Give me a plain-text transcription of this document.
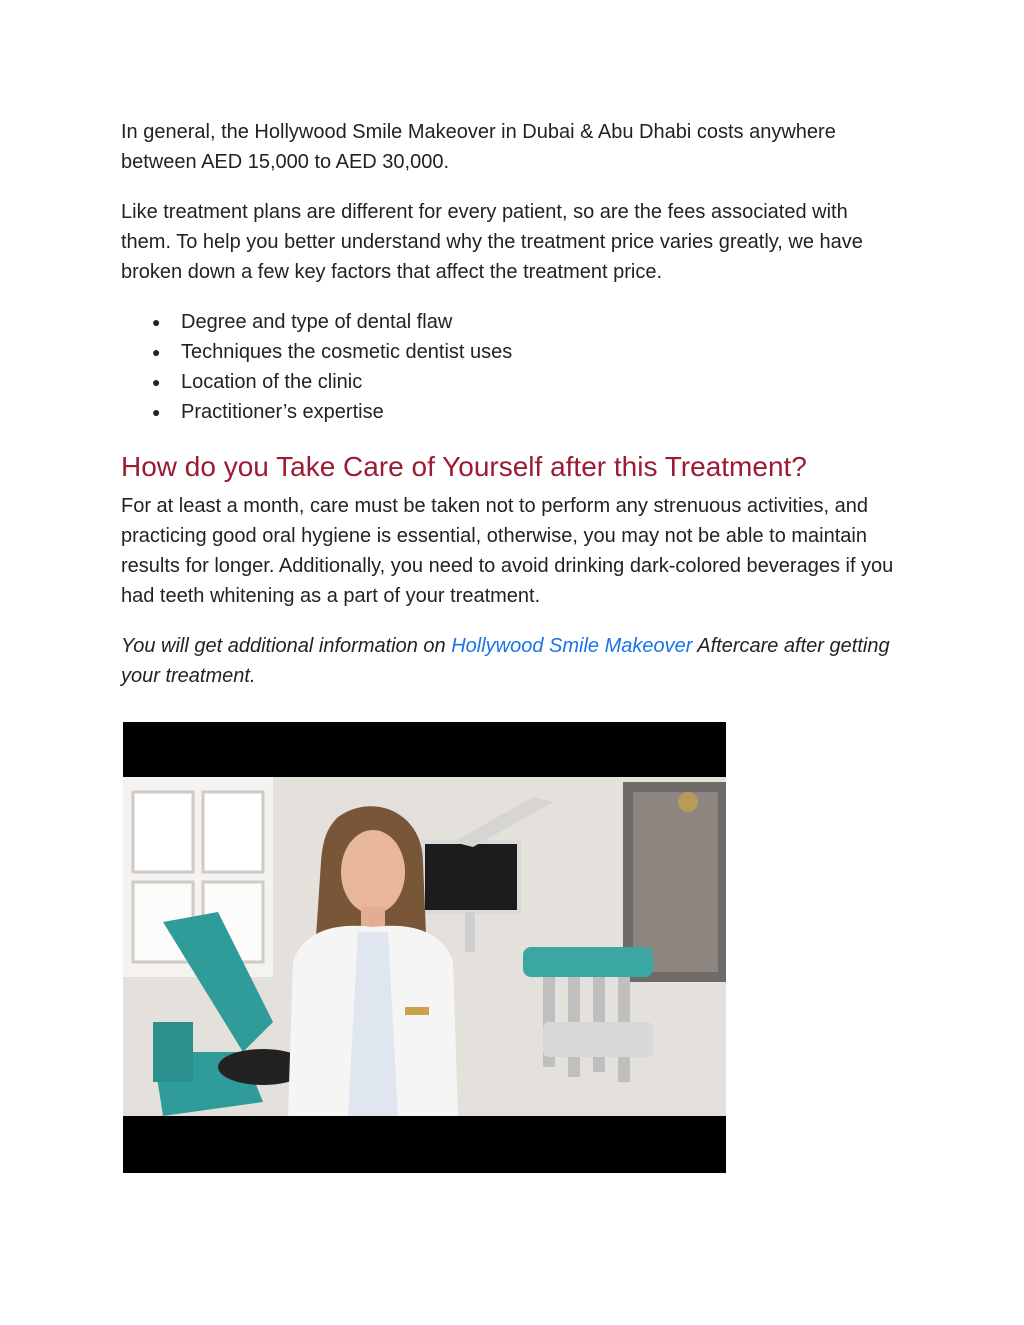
In general, the Hollywood Smile Makeover in Dubai & Abu Dhabi costs anywhere between AED 15,000 to AED 30,000.

Like treatment plans are different for every patient, so are the fees associated with them. To help you better understand why the treatment price varies greatly, we have broken down a few key factors that affect the treatment price.

● Degree and type of dental flaw
● Techniques the cosmetic dentist uses
● Location of the clinic
● Practitioner’s expertise
How do you Take Care of Yourself after this Treatment?

For at least a month, care must be taken not to perform any strenuous activities, and practicing good oral hygiene is essential, otherwise, you may not be able to maintain results for longer. Additionally, you need to avoid drinking dark-colored beverages if you had teeth whitening as a part of your treatment.

You will get additional information on Hollywood Smile Makeover Aftercare after getting your treatment.
